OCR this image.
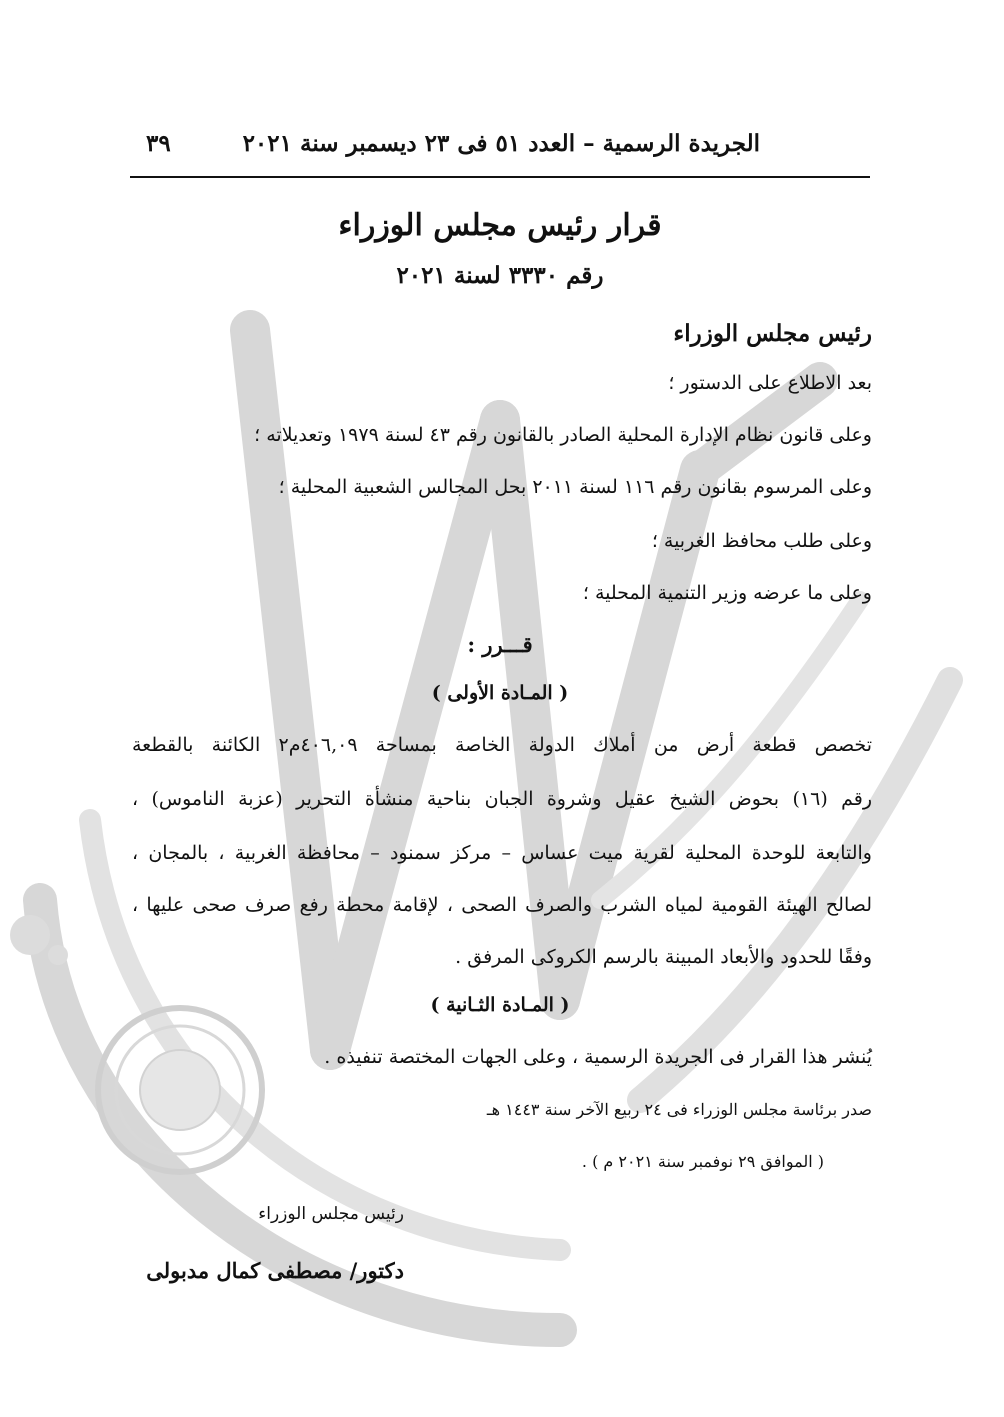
الجريدة الرسمية – العدد ٥١ فى ٢٣ ديسمبر سنة ٢٠٢١
٣٩
قرار رئيس مجلس الوزراء
رقم ٣٣٣٠ لسنة ٢٠٢١
رئيس مجلس الوزراء
بعد الاطلاع على الدستور ؛
وعلى قانون نظام الإدارة المحلية الصادر بالقانون رقم ٤٣ لسنة ١٩٧٩ وتعديلاته ؛
وعلى المرسوم بقانون رقم ١١٦ لسنة ٢٠١١ بحل المجالس الشعبية المحلية ؛
وعلى طلب محافظ الغربية ؛
وعلى ما عرضه وزير التنمية المحلية ؛
قـــرر :
( المـادة الأولى )
تخصص قطعة أرض من أملاك الدولة الخاصة بمساحة ٤٠٦,٠٩م٢ الكائنة بالقطعة
رقم (١٦) بحوض الشيخ عقيل وشروة الجبان بناحية منشأة التحرير (عزبة الناموس) ،
والتابعة للوحدة المحلية لقرية ميت عساس – مركز سمنود – محافظة الغربية ، بالمجان ،
لصالح الهيئة القومية لمياه الشرب والصرف الصحى ، لإقامة محطة رفع صرف صحى عليها ،
وفقًا للحدود والأبعاد المبينة بالرسم الكروكى المرفق .
( المـادة الثـانية )
يُنشر هذا القرار فى الجريدة الرسمية ، وعلى الجهات المختصة تنفيذه .
صدر برئاسة مجلس الوزراء فى ٢٤ ربيع الآخر سنة ١٤٤٣ هـ
( الموافق ٢٩ نوفمبر سنة ٢٠٢١ م ) .
رئيس مجلس الوزراء
دكتور/ مصطفى كمال مدبولى
